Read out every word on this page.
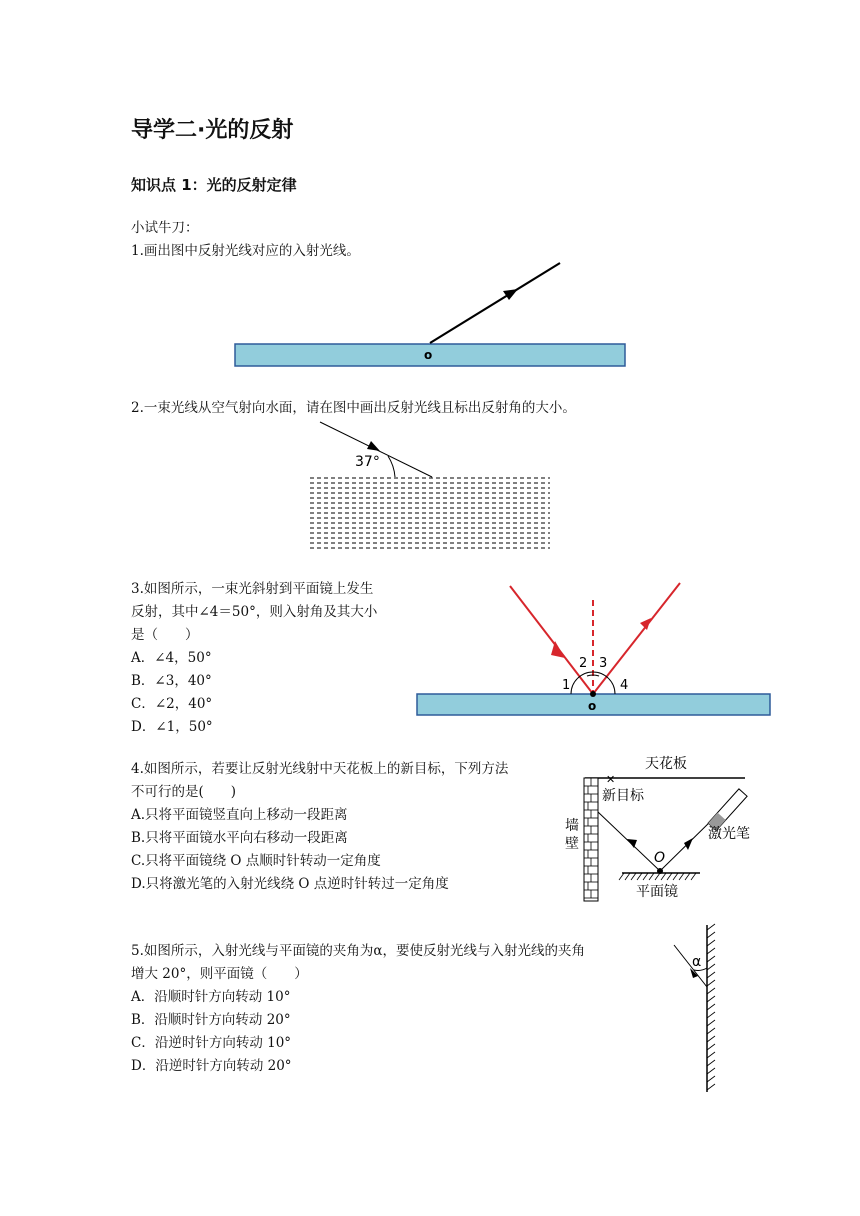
导学二·光的反射
知识点 1：光的反射定律
小试牛刀：
1.画出图中反射光线对应的入射光线。
o
2.一束光线从空气射向水面，请在图中画出反射光线且标出反射角的大小。
37°
3.如图所示，一束光斜射到平面镜上发生
反射，其中∠4＝50°，则入射角及其大小
是（　　）
A．∠4，50°
B．∠3，40°
C．∠2，40°
D．∠1，50°
1
2 3
4
o
4.如图所示，若要让反射光线射中天花板上的新目标，下列方法
不可行的是(　　)
A.只将平面镜竖直向上移动一段距离
B.只将平面镜水平向右移动一段距离
C.只将平面镜绕 O 点顺时针转动一定角度
D.只将激光笔的入射光线绕 O 点逆时针转过一定角度
天花板
新目标
✕
墙
壁
激光笔
O
平面镜
5.如图所示，入射光线与平面镜的夹角为α，要使反射光线与入射光线的夹角
增大 20°，则平面镜（　　）
A．沿顺时针方向转动 10°
B．沿顺时针方向转动 20°
C．沿逆时针方向转动 10°
D．沿逆时针方向转动 20°
α
